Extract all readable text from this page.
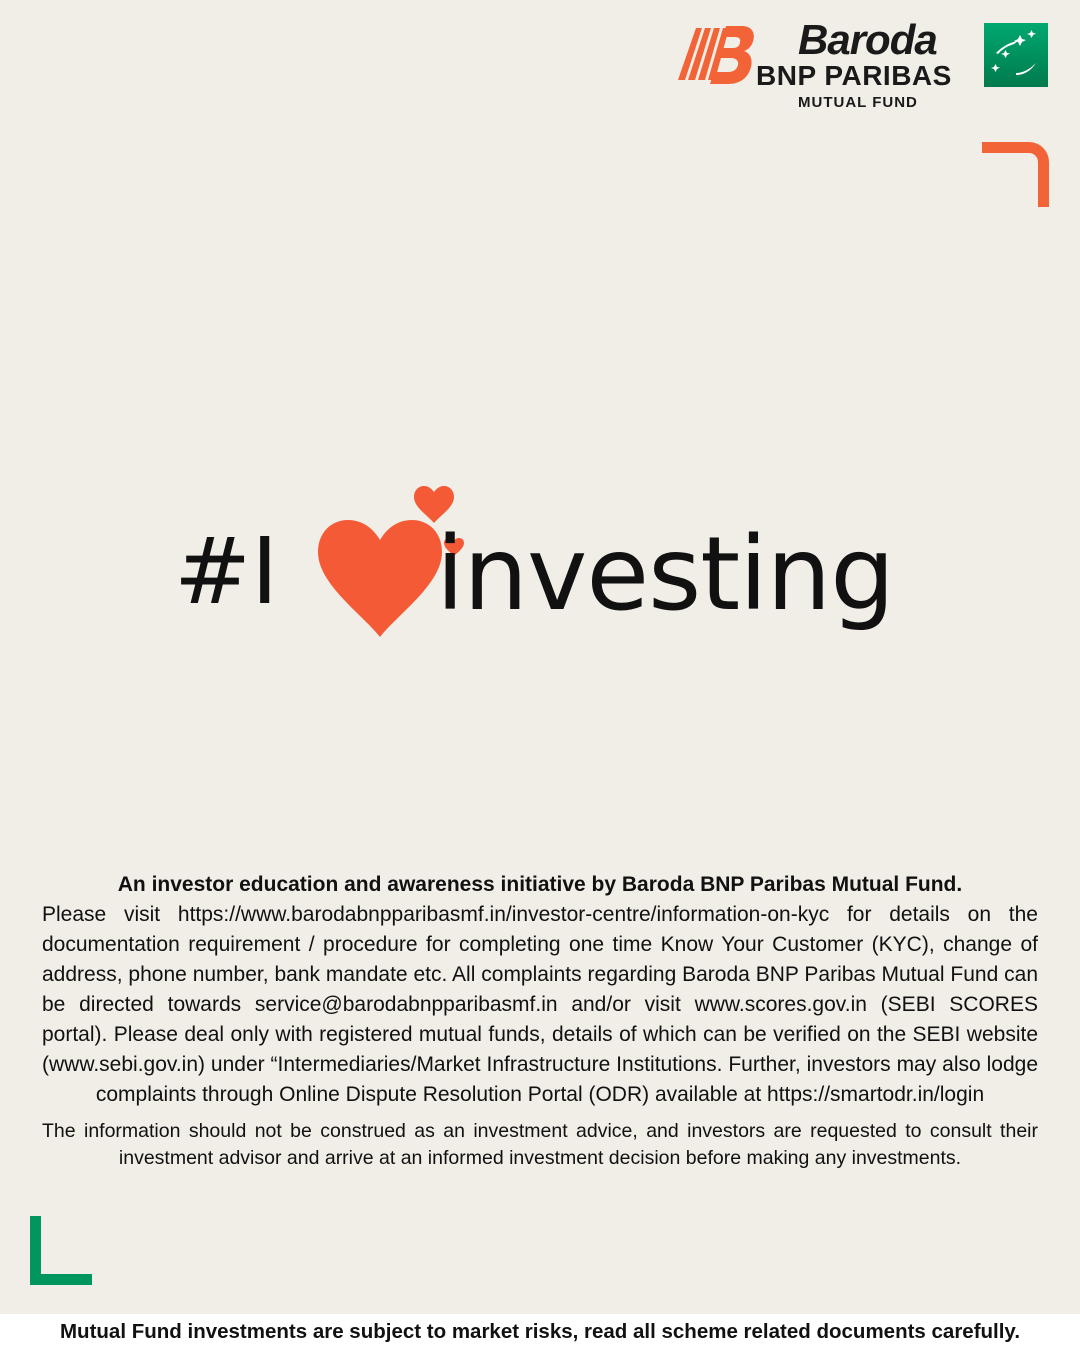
Baroda
BNP PARIBAS
MUTUAL FUND
#I investing

An investor education and awareness initiative by Baroda BNP Paribas Mutual Fund.

Please visit https://www.barodabnpparibasmf.in/investor-centre/information-on-kyc for details on the documentation requirement / procedure for completing one time Know Your Customer (KYC), change of address, phone number, bank mandate etc. All complaints regarding Baroda BNP Paribas Mutual Fund can be directed towards service@barodabnpparibasmf.in and/or visit www.scores.gov.in (SEBI SCORES portal). Please deal only with registered mutual funds, details of which can be verified on the SEBI website (www.sebi.gov.in) under “Intermediaries/Market Infrastructure Institutions. Further, investors may also lodge complaints through Online Dispute Resolution Portal (ODR) available at https://smartodr.in/login

The information should not be construed as an investment advice, and investors are requested to consult their investment advisor and arrive at an informed investment decision before making any investments.

Mutual Fund investments are subject to market risks, read all scheme related documents carefully.
